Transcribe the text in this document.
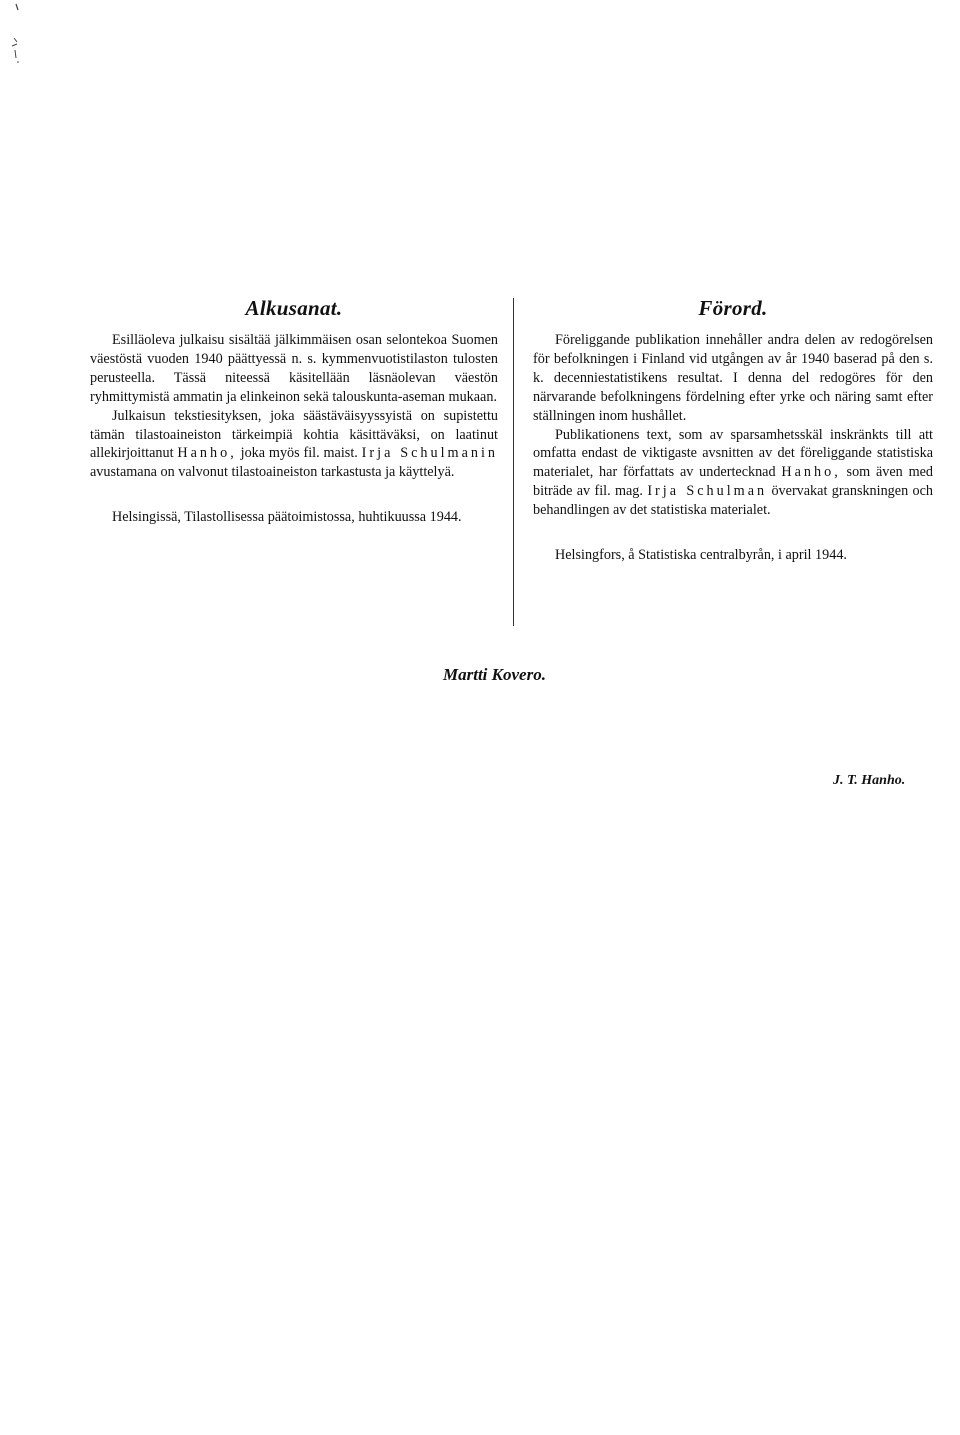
Alkusanat.

Esilläoleva julkaisu sisältää jälkimmäisen osan selontekoa Suomen väestöstä vuoden 1940 päättyessä n. s. kymmenvuotistilaston tulosten perusteella. Tässä niteessä käsitellään läsnäolevan väestön ryhmittymistä ammatin ja elinkeinon sekä talouskunta-aseman mukaan.

Julkaisun tekstiesityksen, joka säästäväisyyssyistä on supistettu tämän tilastoaineiston tärkeimpiä kohtia käsittäväksi, on laatinut allekirjoittanut Hanho, joka myös fil. maist. Irja Schulmanin avustamana on valvonut tilastoaineiston tarkastusta ja käyttelyä.

Helsingissä, Tilastollisessa päätoimistossa, huhtikuussa 1944.

Förord.

Föreliggande publikation innehåller andra delen av redogörelsen för befolkningen i Finland vid utgången av år 1940 baserad på den s. k. decenniestatistikens resultat. I denna del redogöres för den närvarande befolkningens fördelning efter yrke och näring samt efter ställningen inom hushållet.

Publikationens text, som av sparsamhetsskäl inskränkts till att omfatta endast de viktigaste avsnitten av det föreliggande statistiska materialet, har författats av undertecknad Hanho, som även med biträde av fil. mag. Irja Schulman övervakat granskningen och behandlingen av det statistiska materialet.

Helsingfors, å Statistiska centralbyrån, i april 1944.

Martti Kovero.
J. T. Hanho.
